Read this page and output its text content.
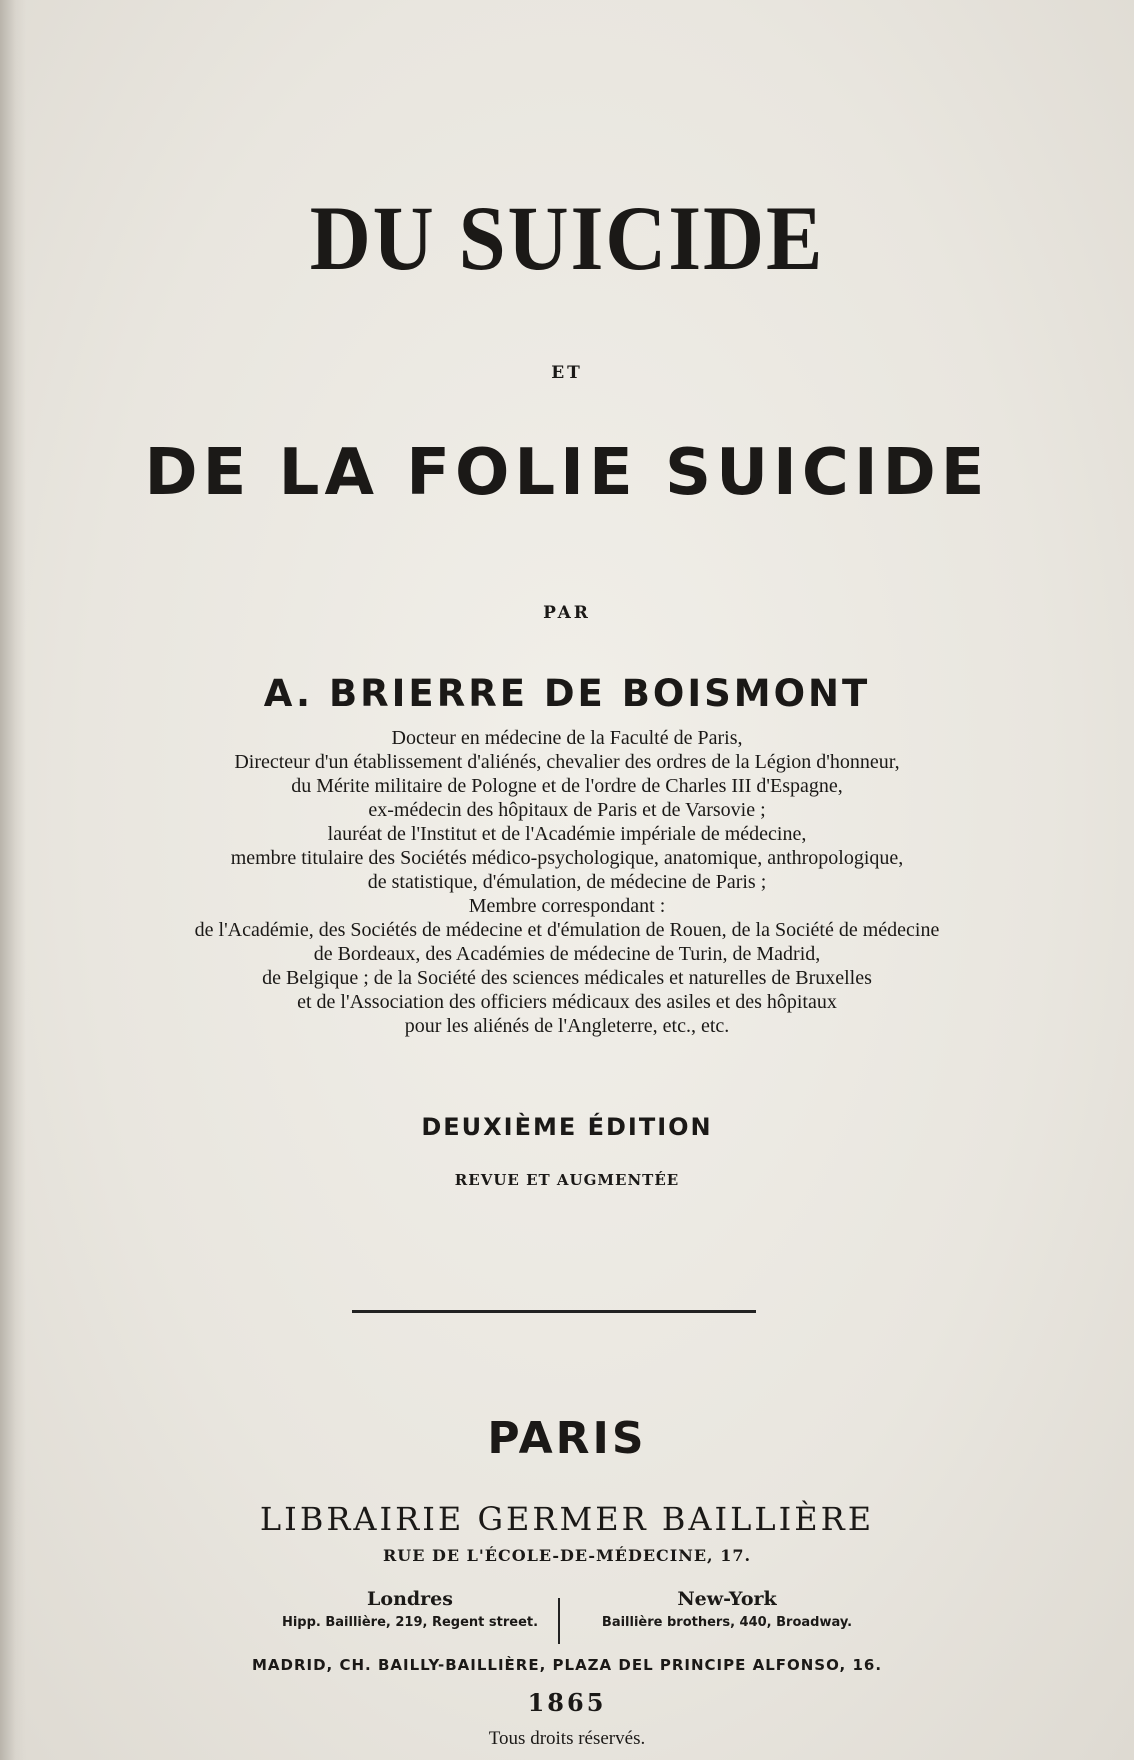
DU SUICIDE
ET
DE LA FOLIE SUICIDE
PAR
A. BRIERRE DE BOISMONT
Docteur en médecine de la Faculté de Paris,
Directeur d'un établissement d'aliénés, chevalier des ordres de la Légion d'honneur,
du Mérite militaire de Pologne et de l'ordre de Charles III d'Espagne,
ex-médecin des hôpitaux de Paris et de Varsovie ;
lauréat de l'Institut et de l'Académie impériale de médecine,
membre titulaire des Sociétés médico-psychologique, anatomique, anthropologique,
de statistique, d'émulation, de médecine de Paris ;
Membre correspondant :
de l'Académie, des Sociétés de médecine et d'émulation de Rouen, de la Société de médecine
de Bordeaux, des Académies de médecine de Turin, de Madrid,
de Belgique ; de la Société des sciences médicales et naturelles de Bruxelles
et de l'Association des officiers médicaux des asiles et des hôpitaux
pour les aliénés de l'Angleterre, etc., etc.
DEUXIÈME ÉDITION
REVUE ET AUGMENTÉE
PARIS
LIBRAIRIE GERMER BAILLIÈRE
RUE DE L'ÉCOLE-DE-MÉDECINE, 17.
Londres
Hipp. Baillière, 219, Regent street.
New-York
Baillière brothers, 440, Broadway.
MADRID, CH. BAILLY-BAILLIÈRE, PLAZA DEL PRINCIPE ALFONSO, 16.
1865
Tous droits réservés.
